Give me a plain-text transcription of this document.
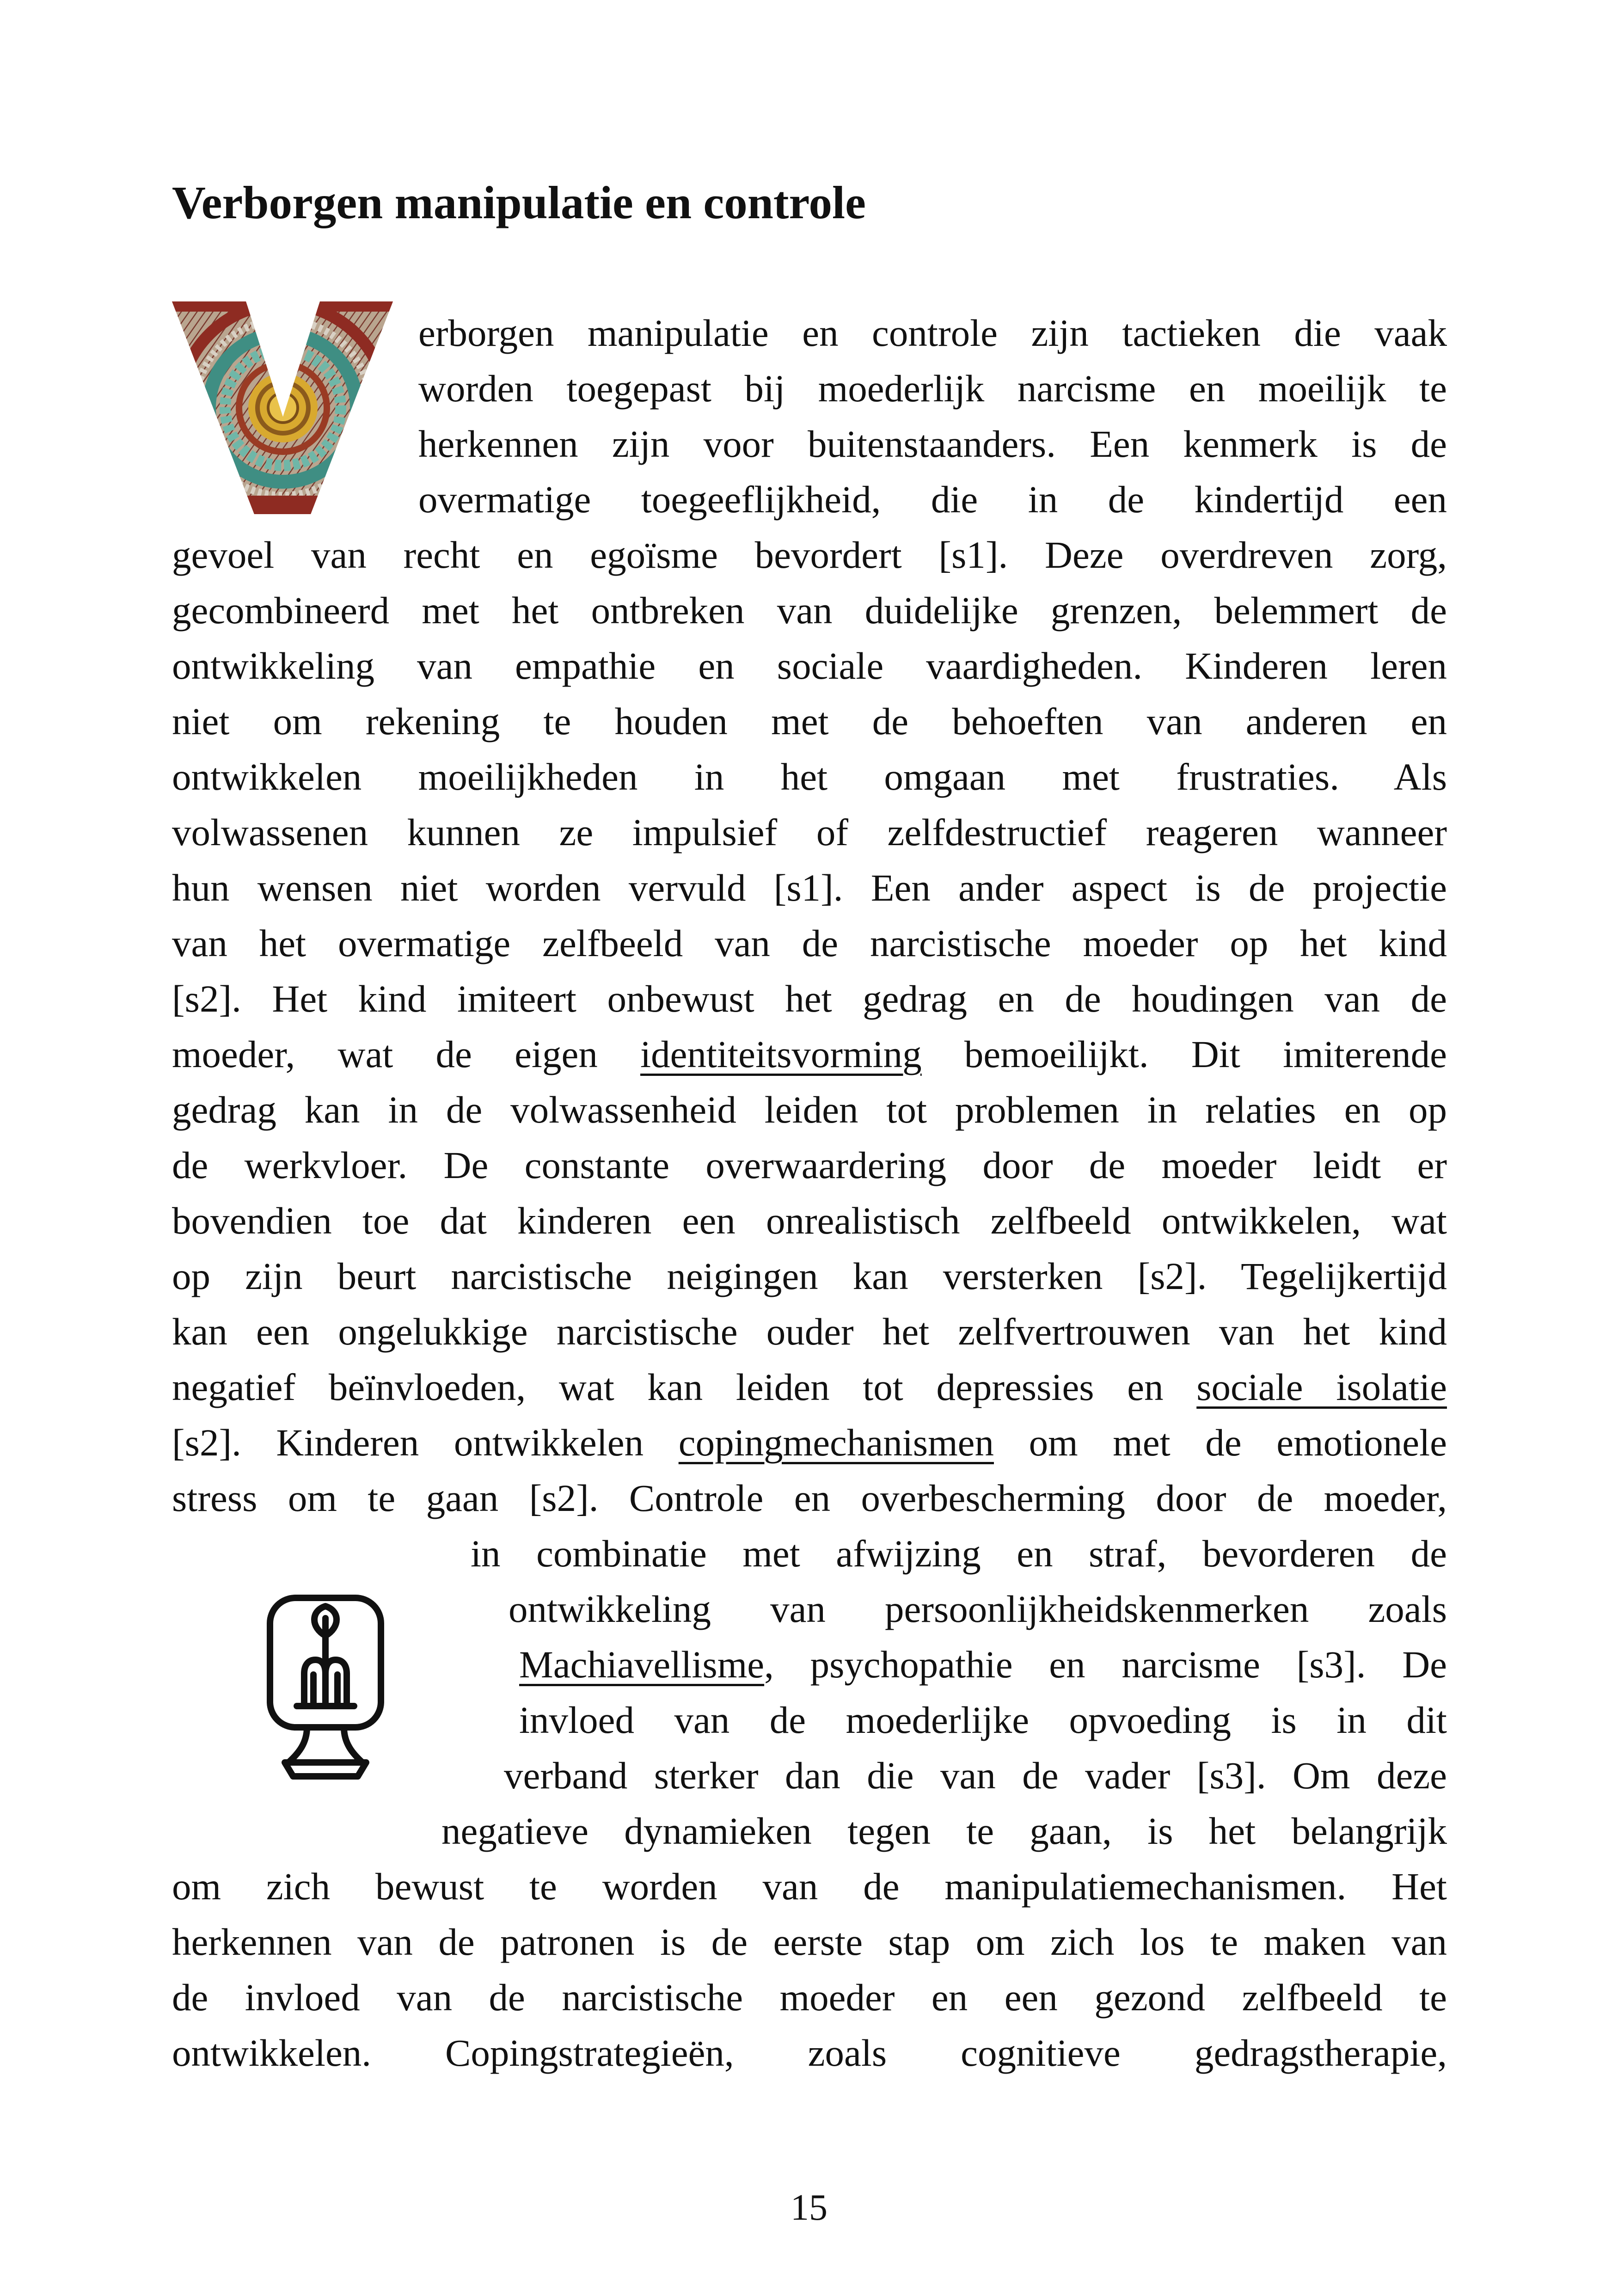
Verborgen manipulatie en controle

erborgen manipulatie en controle zijn tactieken die vaak

worden toegepast bij moederlijk narcisme en moeilijk te

herkennen zijn voor buitenstaanders. Een kenmerk is de

overmatige toegeeflijkheid, die in de kindertijd een

gevoel van recht en egoïsme bevordert [s1]. Deze overdreven zorg,

gecombineerd met het ontbreken van duidelijke grenzen, belemmert de

ontwikkeling van empathie en sociale vaardigheden. Kinderen leren

niet om rekening te houden met de behoeften van anderen en

ontwikkelen moeilijkheden in het omgaan met frustraties. Als

volwassenen kunnen ze impulsief of zelfdestructief reageren wanneer

hun wensen niet worden vervuld [s1]. Een ander aspect is de projectie

van het overmatige zelfbeeld van de narcistische moeder op het kind

[s2]. Het kind imiteert onbewust het gedrag en de houdingen van de

moeder, wat de eigen identiteitsvorming bemoeilijkt. Dit imiterende

gedrag kan in de volwassenheid leiden tot problemen in relaties en op

de werkvloer. De constante overwaardering door de moeder leidt er

bovendien toe dat kinderen een onrealistisch zelfbeeld ontwikkelen, wat

op zijn beurt narcistische neigingen kan versterken [s2]. Tegelijkertijd

kan een ongelukkige narcistische ouder het zelfvertrouwen van het kind

negatief beïnvloeden, wat kan leiden tot depressies en sociale isolatie

[s2]. Kinderen ontwikkelen copingmechanismen om met de emotionele

stress om te gaan [s2]. Controle en overbescherming door de moeder,

in combinatie met afwijzing en straf, bevorderen de

ontwikkeling van persoonlijkheidskenmerken zoals

Machiavellisme, psychopathie en narcisme [s3]. De

invloed van de moederlijke opvoeding is in dit

verband sterker dan die van de vader [s3]. Om deze

negatieve dynamieken tegen te gaan, is het belangrijk

om zich bewust te worden van de manipulatiemechanismen. Het

herkennen van de patronen is de eerste stap om zich los te maken van

de invloed van de narcistische moeder en een gezond zelfbeeld te

ontwikkelen. Copingstrategieën, zoals cognitieve gedragstherapie,

15
